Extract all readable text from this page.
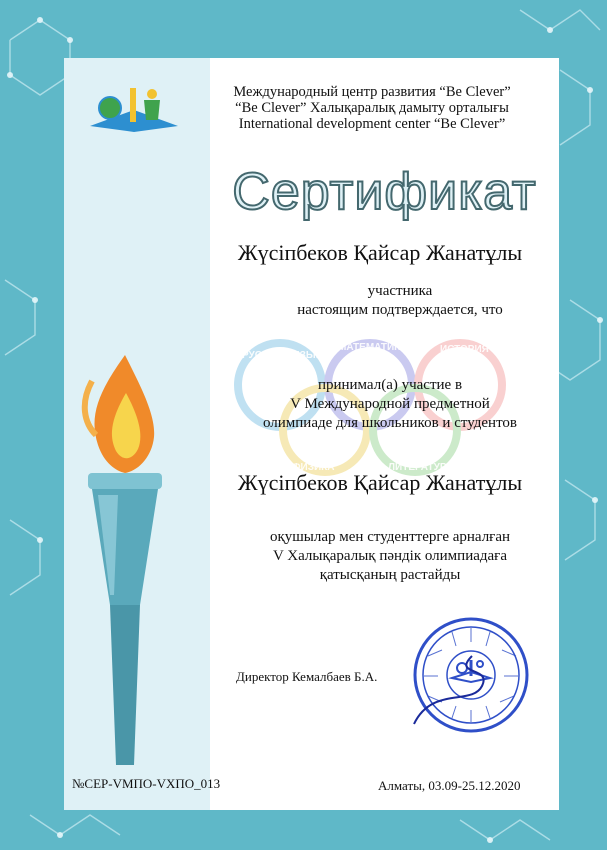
Международный центр развития “Be Clever”
“Be Clever” Халықаралық дамыту орталығы
International development center “Be Clever”
Сертификат
Жүсіпбеков Қайсар Жанатұлы
участника
настоящим подтверждается, что
РУССКИЙ ЯЗЫК
МАТЕМАТИКА	ИСТОРИЯ
ФИЗИКА	ЛИТЕРАТУРА
принимал(а) участие в
V Международной предметной
олимпиаде для школьников и студентов
Жүсіпбеков Қайсар Жанатұлы
оқушылар мен студенттерге арналған
V Халықаралық пәндік олимпиадаға
қатысқаның растайды
Директор Кемалбаев Б.А.
№CEP-VМПО-VХПО_013	Алматы, 03.09-25.12.2020
